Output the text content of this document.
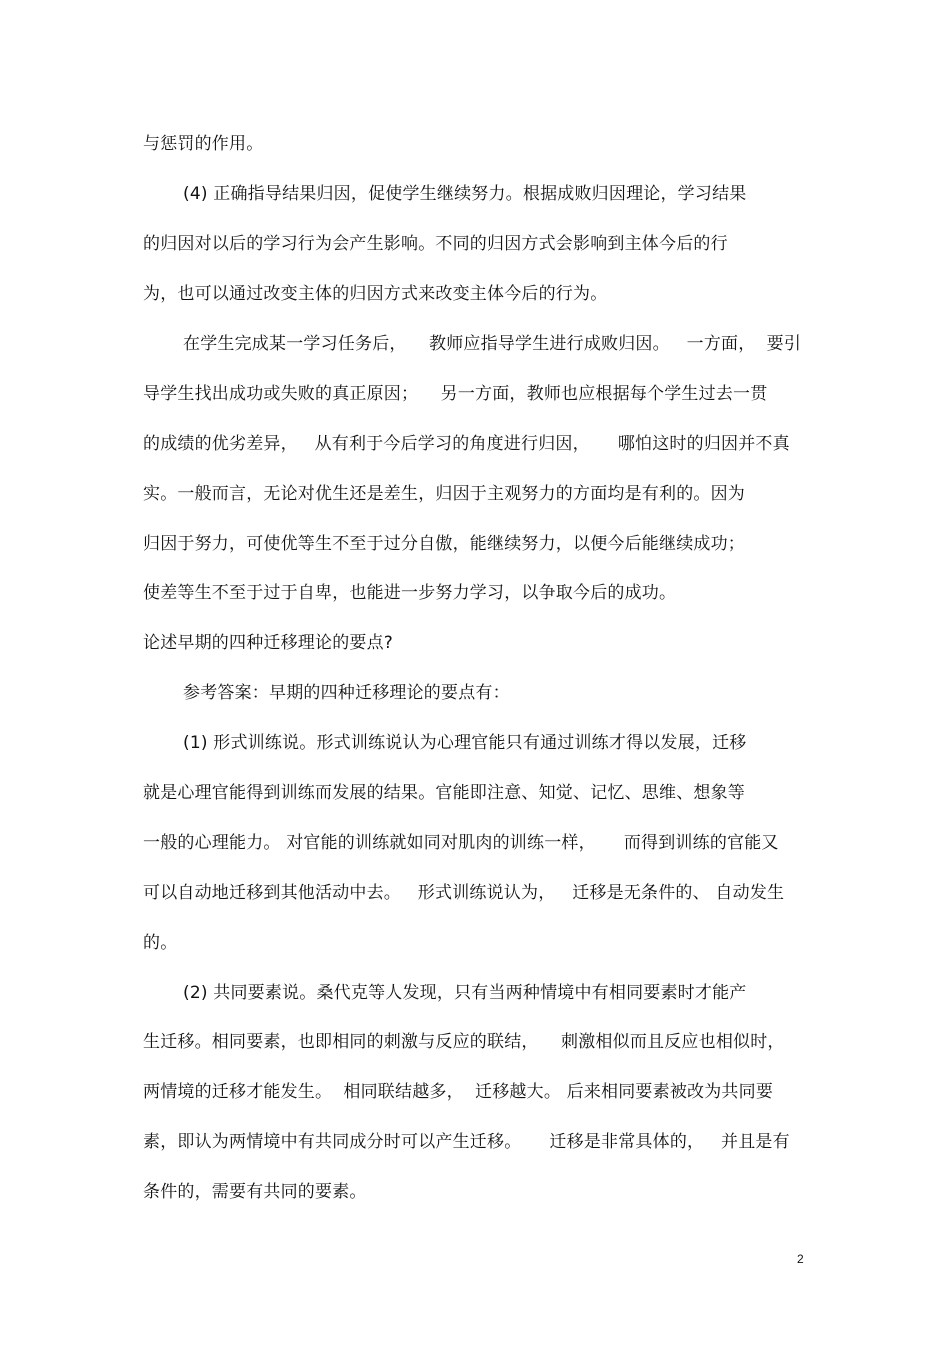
与惩罚的作用。
(4) 正确指导结果归因，促使学生继续努力。根据成败归因理论，学习结果
的归因对以后的学习行为会产生影响。不同的归因方式会影响到主体今后的行
为，也可以通过改变主体的归因方式来改变主体今后的行为。
在学生完成某一学习任务后，    教师应指导学生进行成败归因。   一方面，  要引
导学生找出成功或失败的真正原因；    另一方面，教师也应根据每个学生过去一贯
的成绩的优劣差异，   从有利于今后学习的角度进行归因，     哪怕这时的归因并不真
实。一般而言，无论对优生还是差生，归因于主观努力的方面均是有利的。因为
归因于努力，可使优等生不至于过分自傲，能继续努力，以便今后能继续成功；
使差等生不至于过于自卑，也能进一步努力学习，以争取今后的成功。
论述早期的四种迁移理论的要点?
参考答案：早期的四种迁移理论的要点有：
(1) 形式训练说。形式训练说认为心理官能只有通过训练才得以发展，迁移
就是心理官能得到训练而发展的结果。官能即注意、知觉、记忆、思维、想象等
一般的心理能力。 对官能的训练就如同对肌肉的训练一样，     而得到训练的官能又
可以自动地迁移到其他活动中去。   形式训练说认为，   迁移是无条件的、 自动发生
的。
(2) 共同要素说。桑代克等人发现，只有当两种情境中有相同要素时才能产
生迁移。相同要素，也即相同的刺激与反应的联结，    刺激相似而且反应也相似时，
两情境的迁移才能发生。  相同联结越多，  迁移越大。 后来相同要素被改为共同要
素，即认为两情境中有共同成分时可以产生迁移。     迁移是非常具体的，   并且是有
条件的，需要有共同的要素。
2
